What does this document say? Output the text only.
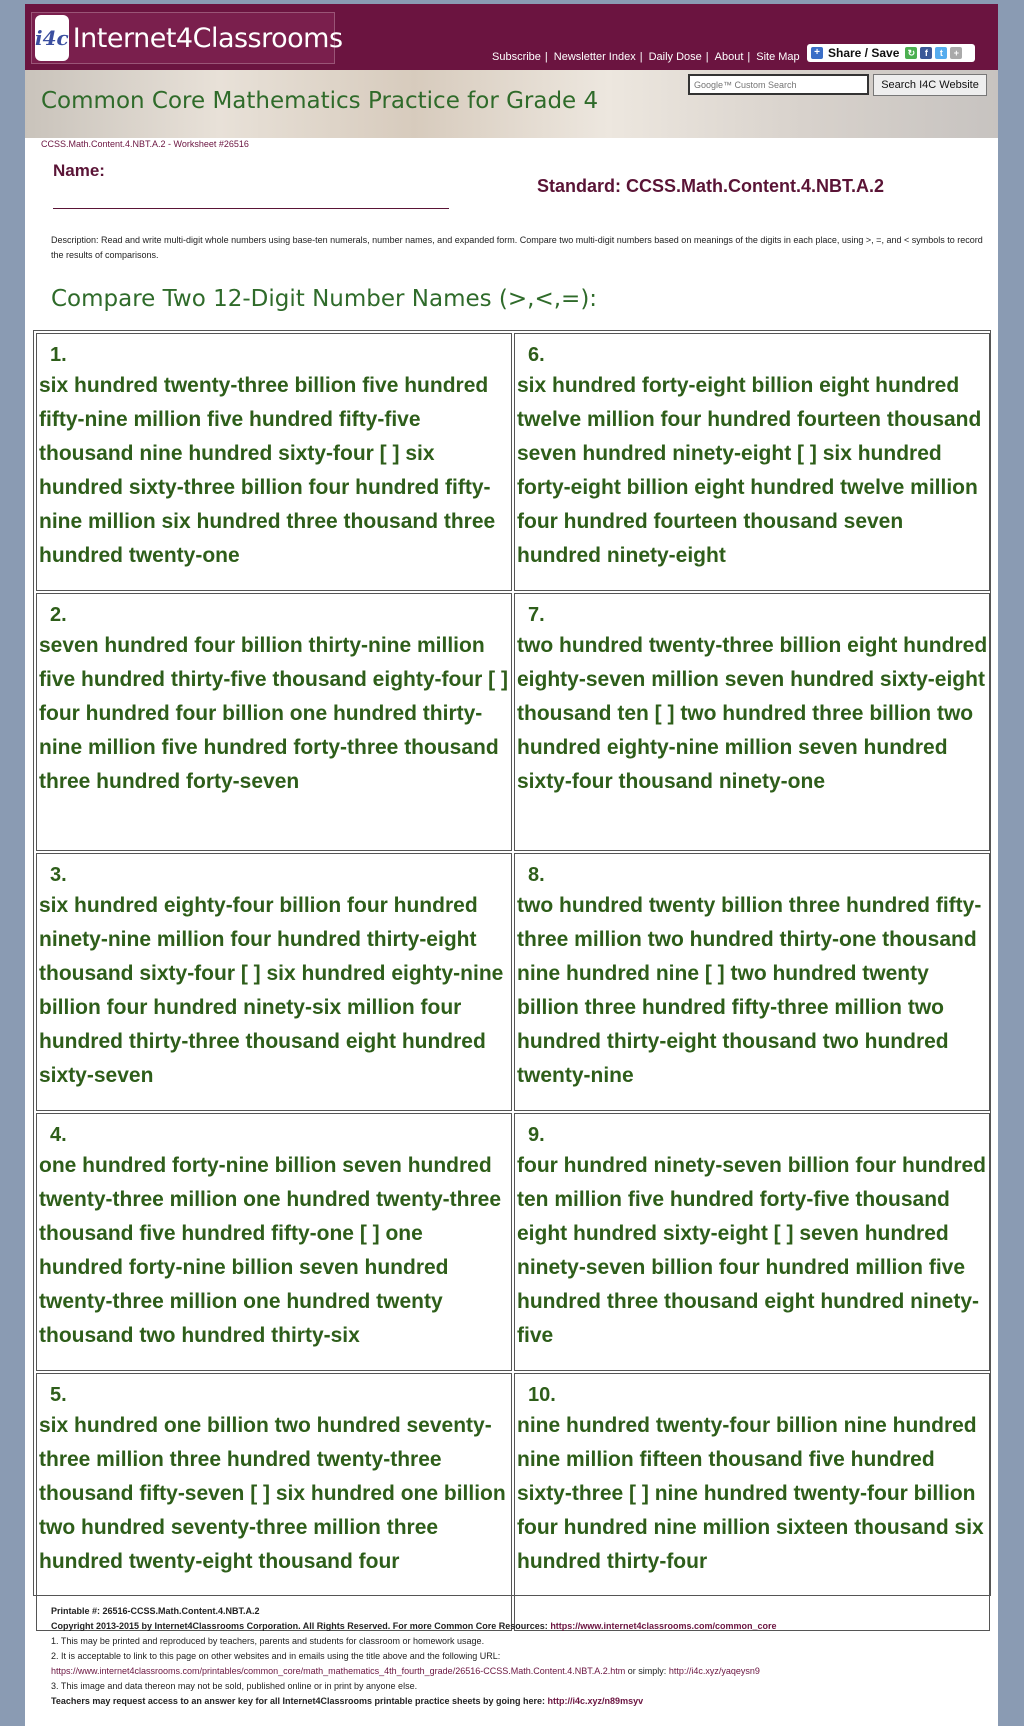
i4c Internet4Classrooms
Subscribe | Newsletter Index | Daily Dose | About | Site Map	+ Share / Save ↻	f	t	+
Common Core Mathematics Practice for Grade 4
Google™ Custom Search
Search I4C Website
CCSS.Math.Content.4.NBT.A.2 - Worksheet #26516
Name:
Standard: CCSS.Math.Content.4.NBT.A.2
Description: Read and write multi-digit whole numbers using base-ten numerals, number names, and expanded form. Compare two multi-digit numbers based on meanings of the digits in each place, using >, =, and < symbols to record the results of comparisons.
Compare Two 12-Digit Number Names (>,<,=):
1.
six hundred twenty-three billion five hundred fifty-nine million five hundred fifty-five thousand nine hundred sixty-four [ ] six hundred sixty-three billion four hundred fifty-nine million six hundred three thousand three hundred twenty-one
6.
six hundred forty-eight billion eight hundred twelve million four hundred fourteen thousand seven hundred ninety-eight [ ] six hundred forty-eight billion eight hundred twelve million four hundred fourteen thousand seven hundred ninety-eight
2.
seven hundred four billion thirty-nine million five hundred thirty-five thousand eighty-four [ ] four hundred four billion one hundred thirty-nine million five hundred forty-three thousand three hundred forty-seven
7.
two hundred twenty-three billion eight hundred eighty-seven million seven hundred sixty-eight thousand ten [ ] two hundred three billion two hundred eighty-nine million seven hundred sixty-four thousand ninety-one
3.
six hundred eighty-four billion four hundred ninety-nine million four hundred thirty-eight thousand sixty-four [ ] six hundred eighty-nine billion four hundred ninety-six million four hundred thirty-three thousand eight hundred sixty-seven
8.
two hundred twenty billion three hundred fifty-three million two hundred thirty-one thousand nine hundred nine [ ] two hundred twenty billion three hundred fifty-three million two hundred thirty-eight thousand two hundred twenty-nine
4.
one hundred forty-nine billion seven hundred twenty-three million one hundred twenty-three thousand five hundred fifty-one [ ] one hundred forty-nine billion seven hundred twenty-three million one hundred twenty thousand two hundred thirty-six
9.
four hundred ninety-seven billion four hundred ten million five hundred forty-five thousand eight hundred sixty-eight [ ] seven hundred ninety-seven billion four hundred million five hundred three thousand eight hundred ninety-five
5.
six hundred one billion two hundred seventy-three million three hundred twenty-three thousand fifty-seven [ ] six hundred one billion two hundred seventy-three million three hundred twenty-eight thousand four
10.
nine hundred twenty-four billion nine hundred nine million fifteen thousand five hundred sixty-three [ ] nine hundred twenty-four billion four hundred nine million sixteen thousand six hundred thirty-four
Printable #: 26516-CCSS.Math.Content.4.NBT.A.2
Copyright 2013-2015 by Internet4Classrooms Corporation. All Rights Reserved. For more Common Core Resources: https://www.internet4classrooms.com/common_core
1. This may be printed and reproduced by teachers, parents and students for classroom or homework usage.
2. It is acceptable to link to this page on other websites and in emails using the title above and the following URL:
https://www.internet4classrooms.com/printables/common_core/math_mathematics_4th_fourth_grade/26516-CCSS.Math.Content.4.NBT.A.2.htm or simply: http://i4c.xyz/yaqeysn9
3. This image and data thereon may not be sold, published online or in print by anyone else.
Teachers may request access to an answer key for all Internet4Classrooms printable practice sheets by going here: http://i4c.xyz/n89msyv
